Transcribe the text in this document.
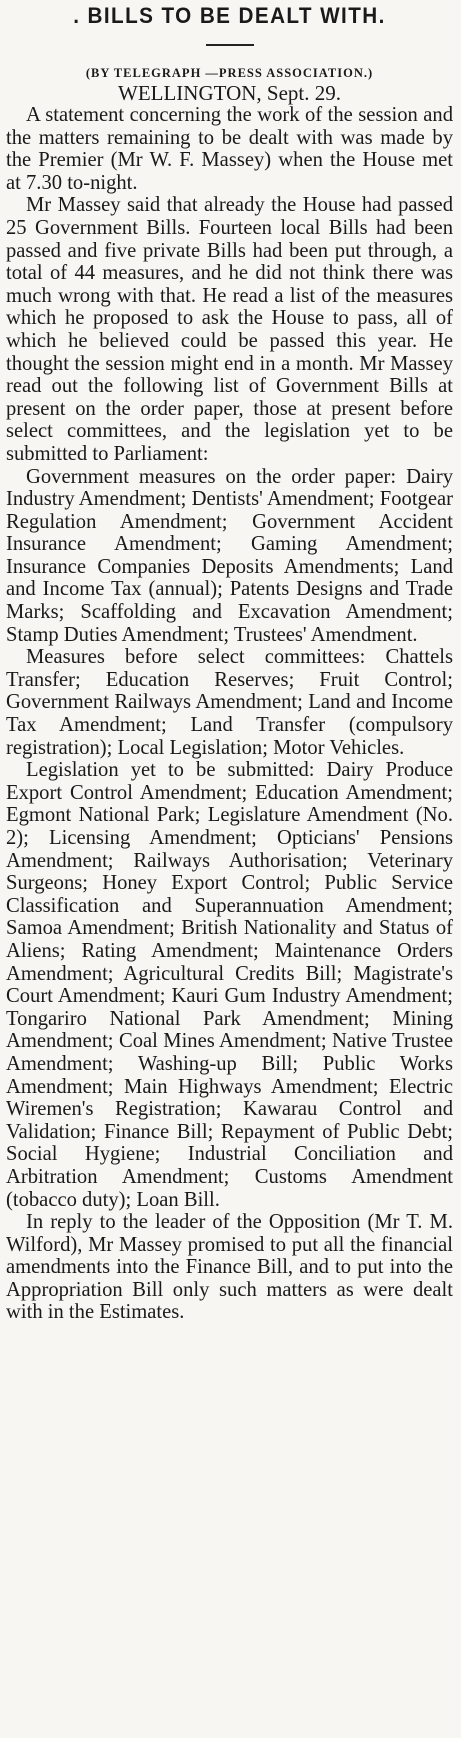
. BILLS TO BE DEALT WITH.

(BY TELEGRAPH —PRESS ASSOCIATION.)

WELLINGTON, Sept. 29.

A statement concerning the work of the session and the matters remaining to be dealt with was made by the Premier (Mr W. F. Massey) when the House met at 7.30 to-night.

Mr Massey said that already the House had passed 25 Government Bills. Fourteen local Bills had been passed and five private Bills had been put through, a total of 44 measures, and he did not think there was much wrong with that. He read a list of the measures which he proposed to ask the House to pass, all of which he believed could be passed this year. He thought the session might end in a month. Mr Massey read out the following list of Government Bills at present on the order paper, those at present before select committees, and the legislation yet to be submitted to Parliament:

Government measures on the order paper: Dairy Industry Amendment; Dentists' Amendment; Footgear Regulation Amendment; Government Accident Insurance Amendment; Gaming Amendment; Insurance Companies Deposits Amendments; Land and Income Tax (annual); Patents Designs and Trade Marks; Scaffolding and Excavation Amendment; Stamp Duties Amendment; Trustees' Amendment.

Measures before select committees: Chattels Transfer; Education Reserves; Fruit Control; Government Railways Amendment; Land and Income Tax Amendment; Land Transfer (compulsory registration); Local Legislation; Motor Vehicles.

Legislation yet to be submitted: Dairy Produce Export Control Amendment; Education Amendment; Egmont National Park; Legislature Amendment (No. 2); Licensing Amendment; Opticians' Pensions Amendment; Railways Authorisation; Veterinary Surgeons; Honey Export Control; Public Service Classification and Superannuation Amendment; Samoa Amendment; British Nationality and Status of Aliens; Rating Amendment; Maintenance Orders Amendment; Agricultural Credits Bill; Magistrate's Court Amendment; Kauri Gum Industry Amendment; Tongariro National Park Amendment; Mining Amendment; Coal Mines Amendment; Native Trustee Amendment; Washing-up Bill; Public Works Amendment; Main Highways Amendment; Electric Wiremen's Registration; Kawarau Control and Validation; Finance Bill; Repayment of Public Debt; Social Hygiene; Industrial Conciliation and Arbitration Amendment; Customs Amendment (tobacco duty); Loan Bill.

In reply to the leader of the Opposition (Mr T. M. Wilford), Mr Massey promised to put all the financial amendments into the Finance Bill, and to put into the Appropriation Bill only such matters as were dealt with in the Estimates.
